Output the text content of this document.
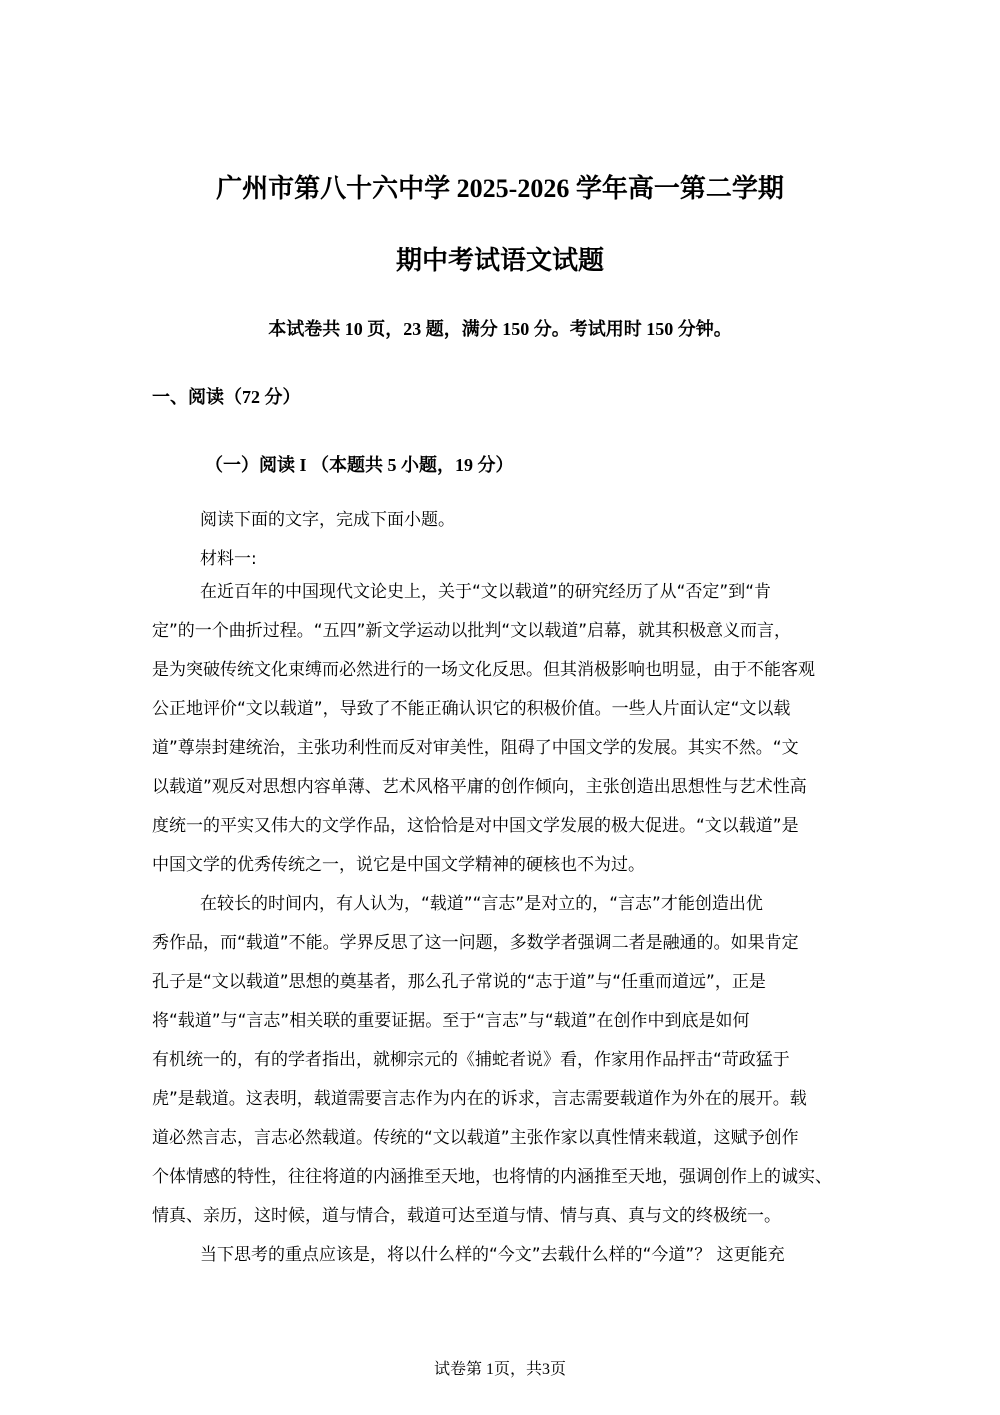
广州市第八十六中学 2025-2026 学年高一第二学期
期中考试语文试题
本试卷共 10 页，23 题，满分 150 分。考试用时 150 分钟。
一、阅读（72 分）
（一）阅读 I （本题共 5 小题，19 分）
阅读下面的文字，完成下面小题。
材料一:
在近百年的中国现代文论史上，关于“文以载道”的研究经历了从“否定”到“肯
定”的一个曲折过程。“五四”新文学运动以批判“文以载道”启幕，就其积极意义而言，
是为突破传统文化束缚而必然进行的一场文化反思。但其消极影响也明显，由于不能客观
公正地评价“文以载道”，导致了不能正确认识它的积极价值。一些人片面认定“文以载
道”尊崇封建统治，主张功利性而反对审美性，阻碍了中国文学的发展。其实不然。“文
以载道”观反对思想内容单薄、艺术风格平庸的创作倾向，主张创造出思想性与艺术性高
度统一的平实又伟大的文学作品，这恰恰是对中国文学发展的极大促进。“文以载道”是
中国文学的优秀传统之一，说它是中国文学精神的硬核也不为过。
在较长的时间内，有人认为，“载道”“言志”是对立的，“言志”才能创造出优
秀作品，而“载道”不能。学界反思了这一问题，多数学者强调二者是融通的。如果肯定
孔子是“文以载道”思想的奠基者，那么孔子常说的“志于道”与“任重而道远”，正是
将“载道”与“言志”相关联的重要证据。至于“言志”与“载道”在创作中到底是如何
有机统一的，有的学者指出，就柳宗元的《捕蛇者说》看，作家用作品抨击“苛政猛于
虎”是载道。这表明，载道需要言志作为内在的诉求，言志需要载道作为外在的展开。载
道必然言志，言志必然载道。传统的“文以载道”主张作家以真性情来载道，这赋予创作
个体情感的特性，往往将道的内涵推至天地，也将情的内涵推至天地，强调创作上的诚实、
情真、亲历，这时候，道与情合，载道可达至道与情、情与真、真与文的终极统一。
当下思考的重点应该是，将以什么样的“今文”去载什么样的“今道”？ 这更能充
试卷第 1页，共3页
